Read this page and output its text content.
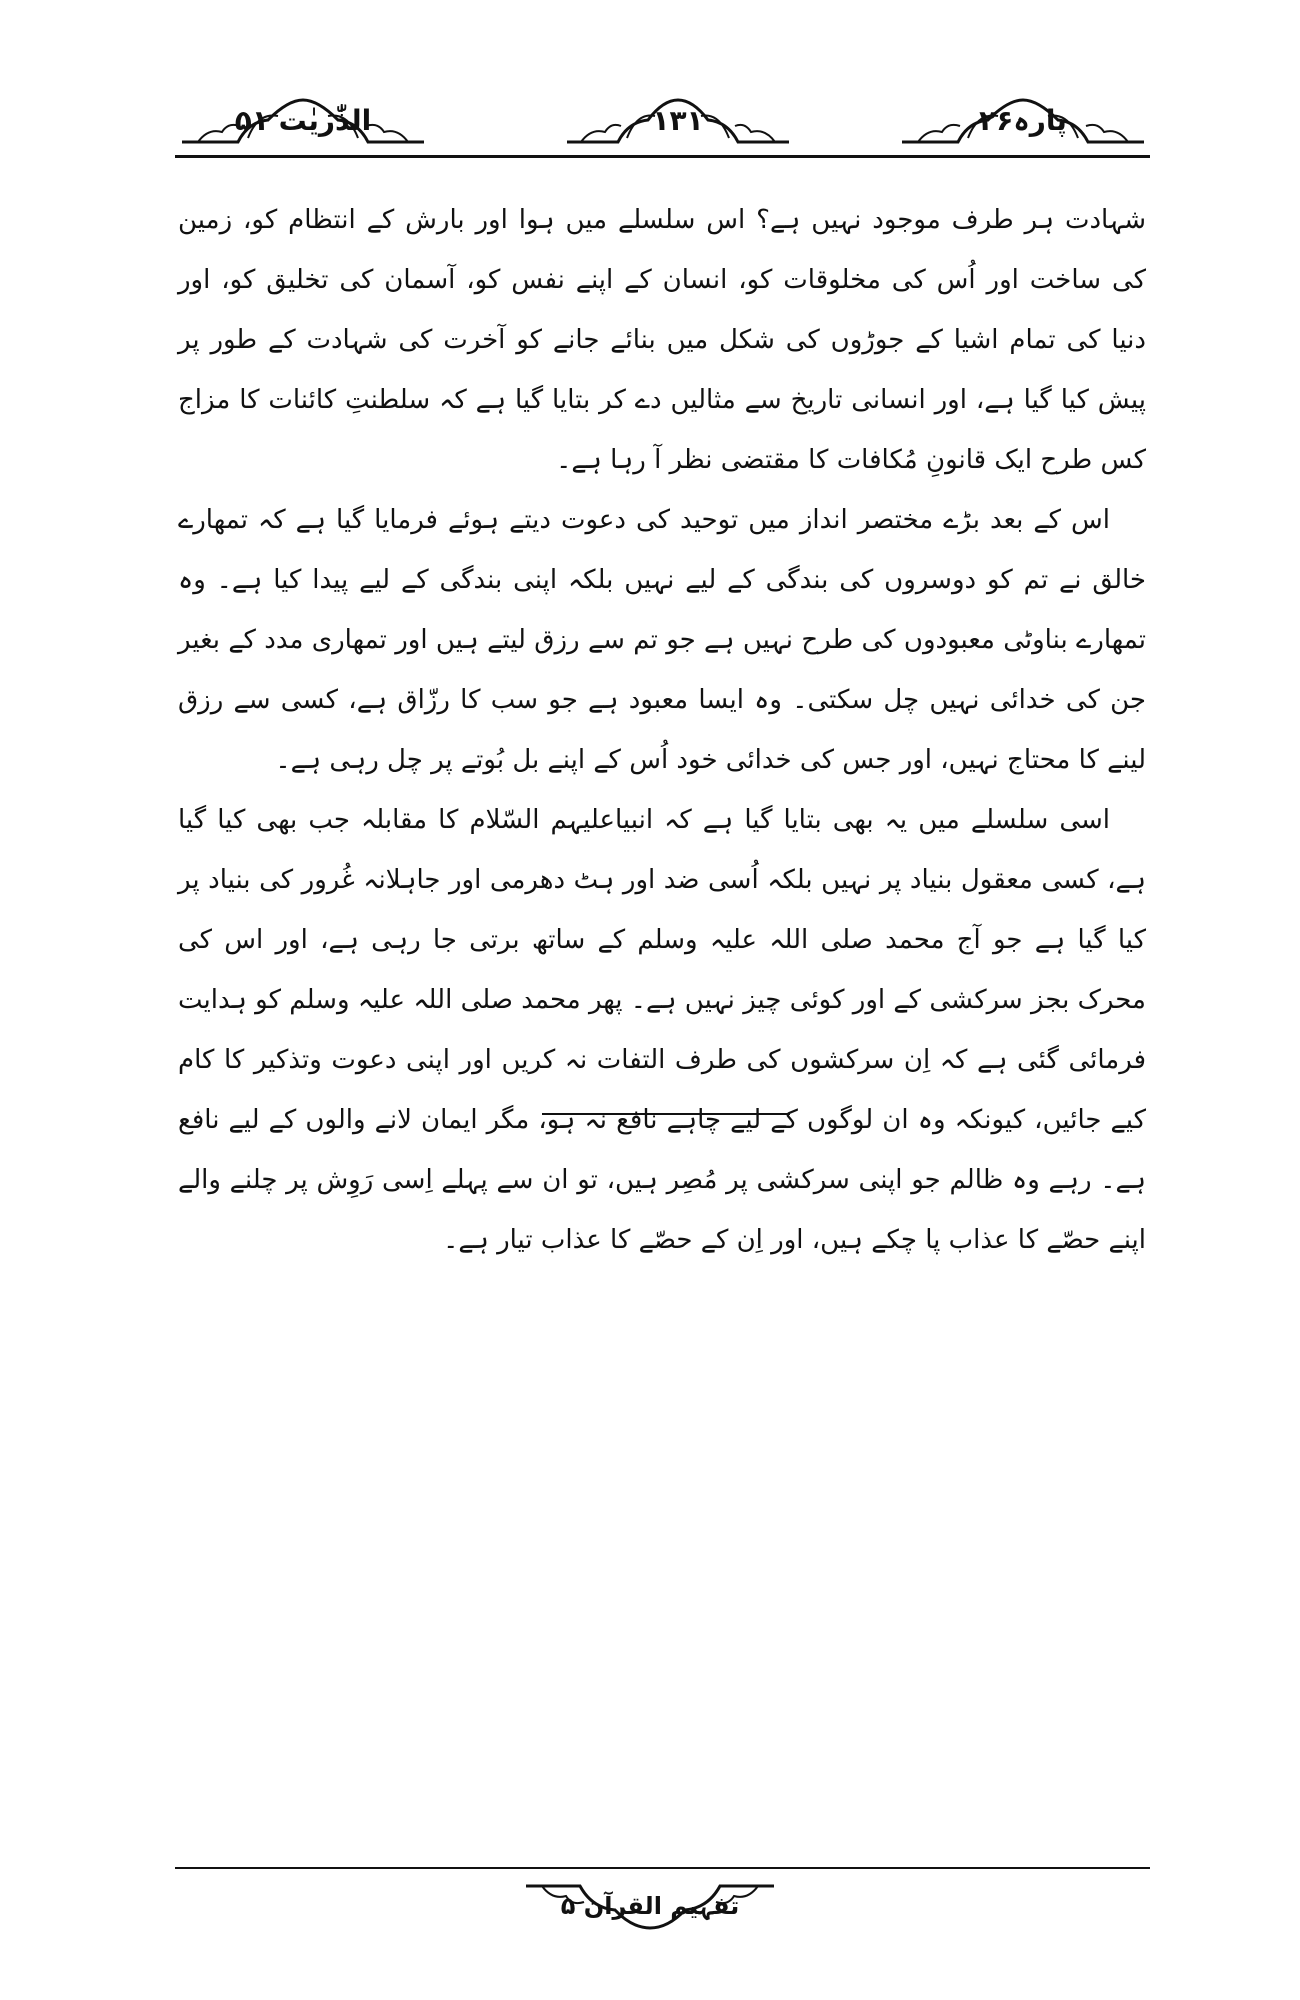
پارہ۲۶
۱۳۱
الذّٰریٰت ۵۱

شہادت ہر طرف موجود نہیں ہے؟ اس سلسلے میں ہوا اور بارش کے انتظام کو، زمین کی ساخت اور اُس کی مخلوقات کو، انسان کے اپنے نفس کو، آسمان کی تخلیق کو، اور دنیا کی تمام اشیا کے جوڑوں کی شکل میں بنائے جانے کو آخرت کی شہادت کے طور پر پیش کیا گیا ہے، اور انسانی تاریخ سے مثالیں دے کر بتایا گیا ہے کہ سلطنتِ کائنات کا مزاج کس طرح ایک قانونِ مُکافات کا مقتضی نظر آ رہا ہے۔

اس کے بعد بڑے مختصر انداز میں توحید کی دعوت دیتے ہوئے فرمایا گیا ہے کہ تمھارے خالق نے تم کو دوسروں کی بندگی کے لیے نہیں بلکہ اپنی بندگی کے لیے پیدا کیا ہے۔ وہ تمھارے بناوٹی معبودوں کی طرح نہیں ہے جو تم سے رزق لیتے ہیں اور تمھاری مدد کے بغیر جن کی خدائی نہیں چل سکتی۔ وہ ایسا معبود ہے جو سب کا رزّاق ہے، کسی سے رزق لینے کا محتاج نہیں، اور جس کی خدائی خود اُس کے اپنے بل بُوتے پر چل رہی ہے۔

اسی سلسلے میں یہ بھی بتایا گیا ہے کہ انبیاعلیہم السّلام کا مقابلہ جب بھی کیا گیا ہے، کسی معقول بنیاد پر نہیں بلکہ اُسی ضد اور ہٹ دھرمی اور جاہلانہ غُرور کی بنیاد پر کیا گیا ہے جو آج محمد صلی اللہ علیہ وسلم کے ساتھ برتی جا رہی ہے، اور اس کی محرک بجز سرکشی کے اور کوئی چیز نہیں ہے۔ پھر محمد صلی اللہ علیہ وسلم کو ہدایت فرمائی گئی ہے کہ اِن سرکشوں کی طرف التفات نہ کریں اور اپنی دعوت وتذکیر کا کام کیے جائیں، کیونکہ وہ ان لوگوں کے لیے چاہے نافع نہ ہو، مگر ایمان لانے والوں کے لیے نافع ہے۔ رہے وہ ظالم جو اپنی سرکشی پر مُصِر ہیں، تو ان سے پہلے اِسی رَوِش پر چلنے والے اپنے حصّے کا عذاب پا چکے ہیں، اور اِن کے حصّے کا عذاب تیار ہے۔

تفہیم القرآن ۵
